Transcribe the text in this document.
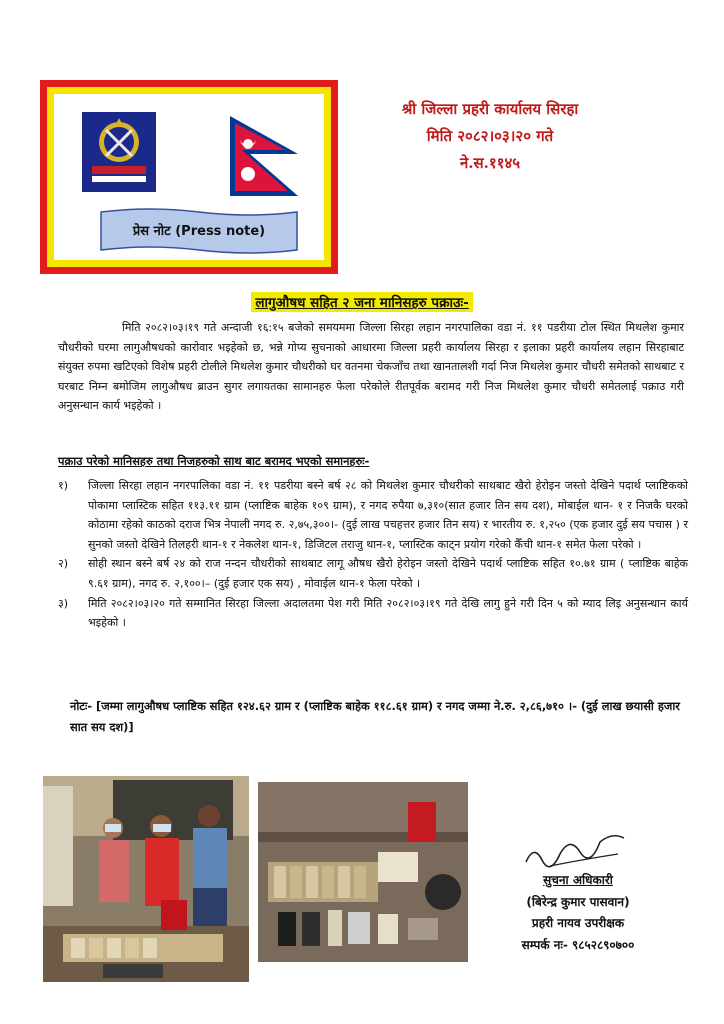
प्रेस नोट (Press note)
श्री जिल्ला प्रहरी कार्यालय सिरहा
मिति २०८२।०३।२० गते
ने.स.११४५
लागुऔषध सहित २ जना मानिसहरु पक्राउः-
मिति २०८२।०३।१९ गते अन्दाजी १६:१५ बजेको समयममा जिल्ला सिरहा लहान नगरपालिका वडा नं. ११ पडरीया टोल स्थित मिथलेश कुमार चौधरीको घरमा लागुऔषधको कारोवार भइहेको छ, भन्ने गोप्य सुचनाको आधारमा जिल्ला प्रहरी कार्यालय सिरहा र इलाका प्रहरी कार्यालय लहान सिरहाबाट संयुक्त रुपमा खटिएको विशेष प्रहरी टोलीले मिथलेश कुमार चौधरीको घर वतनमा चेकजाँच तथा खानतालशी गर्दा निज मिथलेश कुमार चौधरी समेतको साथबाट र घरबाट निम्न बमोजिम लागुऔषध ब्राउन सुगर लगायतका सामानहरु फेला परेकोले रीतपूर्वक बरामद गरी निज मिथलेश कुमार चौधरी समेतलाई पक्राउ गरी अनुसन्धान कार्य भइहेको ।
पक्राउ परेको मानिसहरु तथा निजहरुको साथ बाट बरामद भएको समानहरुः-
१) जिल्ला सिरहा लहान नगरपालिका वडा नं. ११ पडरीया बस्ने बर्ष २८ को मिथलेश कुमार चौधरीको साथबाट खैरो हेरोइन जस्तो देखिने पदार्थ प्लाष्टिकको पोकामा प्लास्टिक सहित ११३.११ ग्राम (प्लाष्टिक बाहेक १०९ ग्राम), र नगद रुपैया ७,३१०(सात हजार तिन सय दश), मोबाईल थान- १ र निजकै घरको कोठामा रहेको काठको दराज भित्र नेपाली नगद रु. २,७५,३००।- (दुई लाख पचहत्तर हजार तिन सय) र भारतीय रु. १,२५० (एक हजार दुई सय पचास ) र सुनको जस्तो देखिने तिलहरी थान-१ र नेकलेश थान-१, डिजिटल तराजु थान-१, प्लास्टिक काट्न प्रयोग गरेको कैँची थान-१ समेत फेला परेको ।
२) सोही स्थान बस्ने बर्ष २४ को राज नन्दन चौधरीको साथबाट लागू औषध खैरो हेरोइन जस्तो देखिने पदार्थ प्लाष्टिक सहित १०.७१ ग्राम ( प्लाष्टिक बाहेक ९.६१ ग्राम), नगद रु. २,१००।– (दुई हजार एक सय) , मोवाईल थान-१ फेला परेको ।
३) मिति २०८२।०३।२० गते सम्मानित सिरहा जिल्ला अदालतमा पेश गरी मिति २०८२।०३।१९ गते देखि लागु हुने गरी दिन ५ को म्याद लिइ अनुसन्धान कार्य भइहेको ।
नोटः- [जम्मा लागुऔषध प्लाष्टिक सहित १२४.६२ ग्राम र (प्लाष्टिक बाहेक ११८.६१ ग्राम) र नगद जम्मा ने.रु. २,८६,७१० ।- (दुई लाख छयासी हजार सात सय दश)]
सुचना अधिकारी
(बिरेन्द्र कुमार पासवान)
प्रहरी नायव उपरीक्षक
सम्पर्क नः- ९८५२८९०७००
